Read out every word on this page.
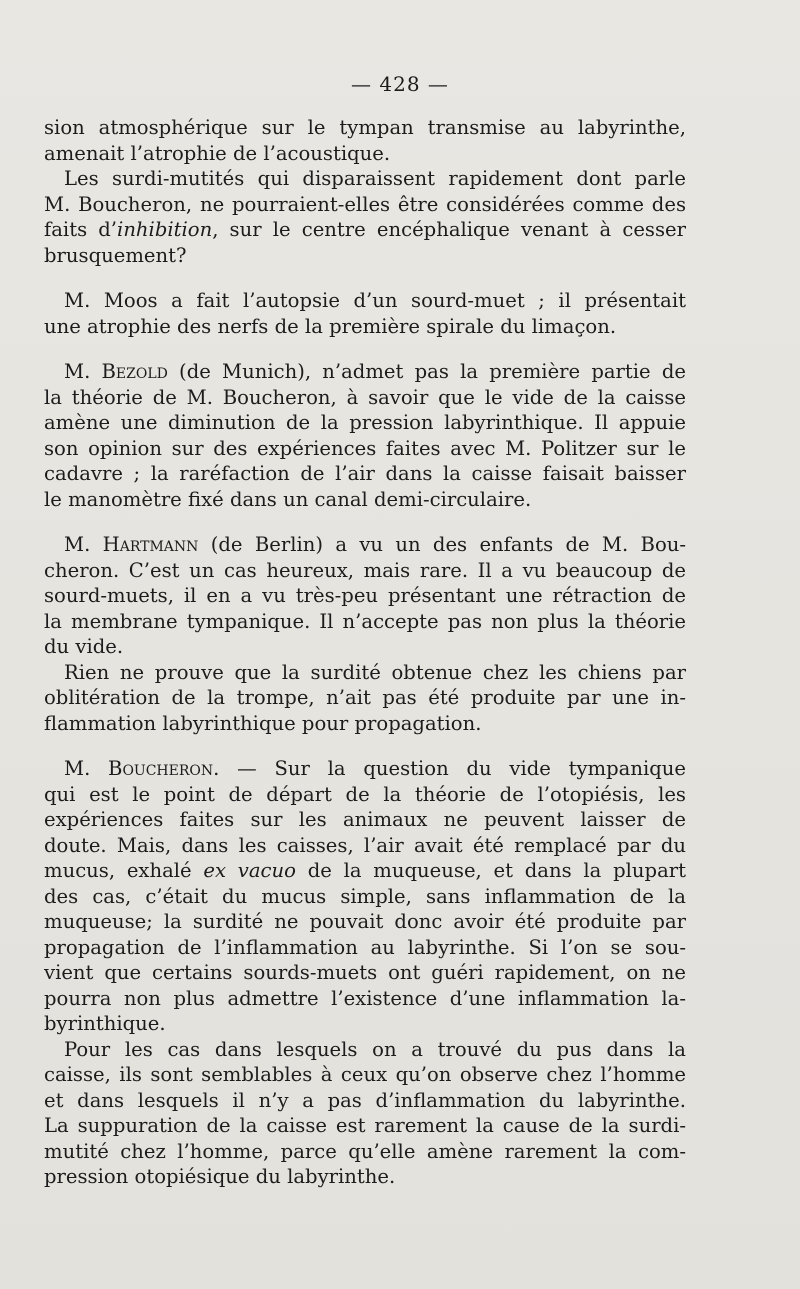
— 428 —
sion atmosphérique sur le tympan transmise au labyrinthe,
amenait l’atrophie de l’acoustique.
Les surdi-mutités qui disparaissent rapidement dont parle
M. Boucheron, ne pourraient-elles être considérées comme des
faits d’inhibition, sur le centre encéphalique venant à cesser
brusquement?
M. Moos a fait l’autopsie d’un sourd-muet ; il présentait
une atrophie des nerfs de la première spirale du limaçon.
M. Bezold (de Munich), n’admet pas la première partie de
la théorie de M. Boucheron, à savoir que le vide de la caisse
amène une diminution de la pression labyrinthique. Il appuie
son opinion sur des expériences faites avec M. Politzer sur le
cadavre ; la raréfaction de l’air dans la caisse faisait baisser
le manomètre fixé dans un canal demi-circulaire.
M. Hartmann (de Berlin) a vu un des enfants de M. Bou-
cheron. C’est un cas heureux, mais rare. Il a vu beaucoup de
sourd-muets, il en a vu très-peu présentant une rétraction de
la membrane tympanique. Il n’accepte pas non plus la théorie
du vide.
Rien ne prouve que la surdité obtenue chez les chiens par
oblitération de la trompe, n’ait pas été produite par une in-
flammation labyrinthique pour propagation.
M. Boucheron. — Sur la question du vide tympanique
qui est le point de départ de la théorie de l’otopiésis, les
expériences faites sur les animaux ne peuvent laisser de
doute. Mais, dans les caisses, l’air avait été remplacé par du
mucus, exhalé ex vacuo de la muqueuse, et dans la plupart
des cas, c’était du mucus simple, sans inflammation de la
muqueuse; la surdité ne pouvait donc avoir été produite par
propagation de l’inflammation au labyrinthe. Si l’on se sou-
vient que certains sourds-muets ont guéri rapidement, on ne
pourra non plus admettre l’existence d’une inflammation la-
byrinthique.
Pour les cas dans lesquels on a trouvé du pus dans la
caisse, ils sont semblables à ceux qu’on observe chez l’homme
et dans lesquels il n’y a pas d’inflammation du labyrinthe.
La suppuration de la caisse est rarement la cause de la surdi-
mutité chez l’homme, parce qu’elle amène rarement la com-
pression otopiésique du labyrinthe.
